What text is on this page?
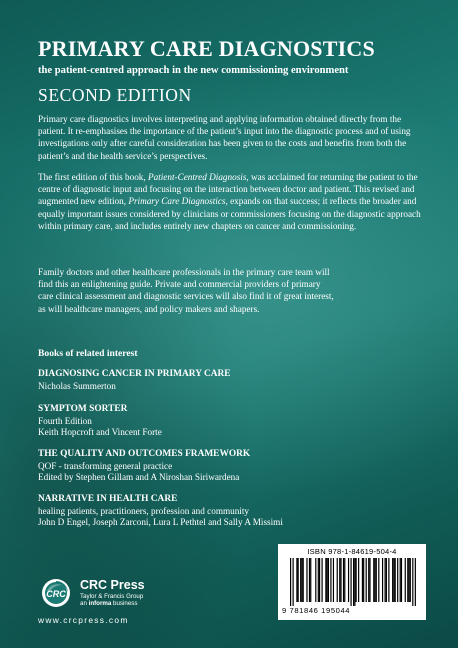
PRIMARY CARE DIAGNOSTICS

the patient-centred approach in the new commissioning environment

SECOND EDITION

Primary care diagnostics involves interpreting and applying information obtained directly from the patient. It re-emphasises the importance of the patient’s input into the diagnostic process and of using investigations only after careful consideration has been given to the costs and benefits from both the patient’s and the health service’s perspectives.

The first edition of this book, Patient-Centred Diagnosis, was acclaimed for returning the patient to the centre of diagnostic input and focusing on the interaction between doctor and patient. This revised and augmented new edition, Primary Care Diagnostics, expands on that success; it reflects the broader and equally important issues considered by clinicians or commissioners focusing on the diagnostic approach within primary care, and includes entirely new chapters on cancer and commissioning.

Family doctors and other healthcare professionals in the primary care team will find this an enlightening guide. Private and commercial providers of primary care clinical assessment and diagnostic services will also find it of great interest, as will healthcare managers, and policy makers and shapers.

Books of related interest

DIAGNOSING CANCER IN PRIMARY CARE
Nicholas Summerton
SYMPTOM SORTER
Fourth Edition
Keith Hopcroft and Vincent Forte
THE QUALITY AND OUTCOMES FRAMEWORK
QOF - transforming general practice
Edited by Stephen Gillam and A Niroshan Siriwardena
NARRATIVE IN HEALTH CARE
healing patients, practitioners, profession and community
John D Engel, Joseph Zarconi, Lura L Pethtel and Sally A Missimi
CRC
CRC Press
Taylor & Francis Group
an informa business
www.crcpress.com
ISBN 978-1-84619-504-4
9 781846 195044
